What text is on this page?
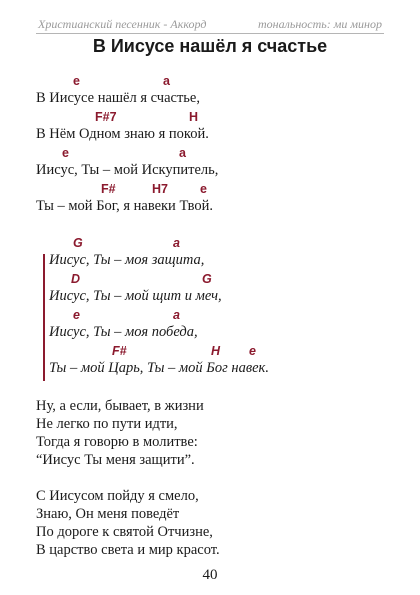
Христианский песенник - Аккорд	тональность: ми минор
В Иисусе нашёл я счастье
e	a
В Иисусе нашёл я счастье,
F#7	H
В Нём Одном знаю я покой.
e	a
Иисус, Ты – мой Искупитель,
F#	H7	e
Ты – мой Бог, я навеки Твой.
G	a
Иисус, Ты – моя защита,
D	G
Иисус, Ты – мой щит и меч,
e	a
Иисус, Ты – моя победа,
F#	H e
Ты – мой Царь, Ты – мой Бог навек.
Ну, а если, бывает, в жизни
Не легко по пути идти,
Тогда я говорю в молитве:
“Иисус Ты меня защити”.
С Иисусом пойду я смело,
Знаю, Он меня поведёт
По дороге к святой Отчизне,
В царство света и мир красот.
40
